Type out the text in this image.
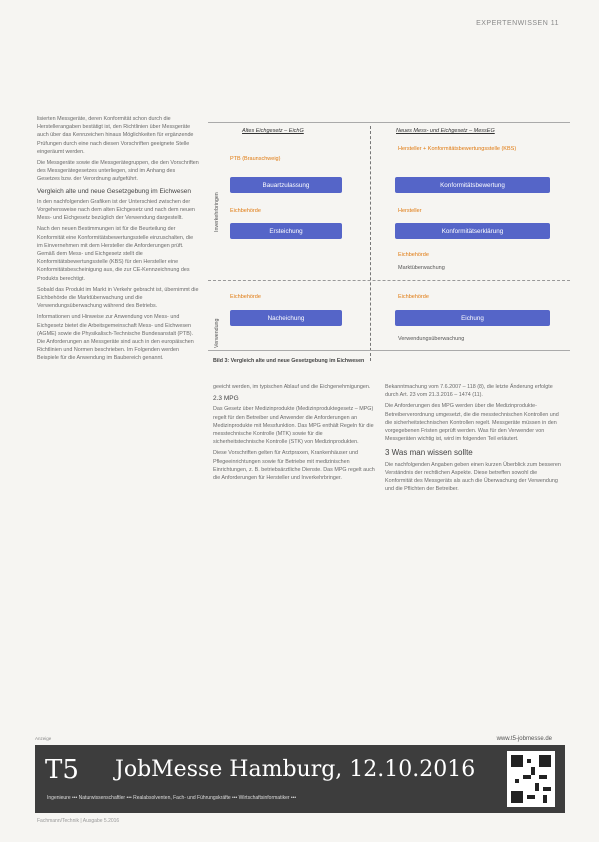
EXPERTENWISSEN 11

lisierten Messgeräte, deren Konformität schon durch die Herstellerangaben bestätigt ist, den Richtlinien über Messgeräte auch über das Kennzeichen hinaus Möglichkeiten für ergänzende Prüfungen durch eine nach diesen Vorschriften geeignete Stelle eingeräumt werden.

Die Messgeräte sowie die Messgerätegruppen, die den Vorschriften des Messgerätegesetzes unterliegen, sind im Anhang des Gesetzes bzw. der Verordnung aufgeführt.

Vergleich alte und neue Gesetzgebung im Eichwesen

In den nachfolgenden Grafiken ist der Unterschied zwischen der Vorgehensweise nach dem alten Eichgesetz und nach dem neuen Mess- und Eichgesetz bezüglich der Verwendung dargestellt.

Nach den neuen Bestimmungen ist für die Beurteilung der Konformität eine Konformitätsbewertungsstelle einzuschalten, die im Einvernehmen mit dem Hersteller die Anforderungen prüft. Gemäß dem Mess- und Eichgesetz stellt die Konformitätsbewertungsstelle (KBS) für den Hersteller eine Konformitätsbescheinigung aus, die zur CE-Kennzeichnung des Produkts berechtigt.

Sobald das Produkt im Markt in Verkehr gebracht ist, übernimmt die Eichbehörde die Marktüberwachung und die Verwendungsüberwachung während des Betriebs.

Informationen und Hinweise zur Anwendung von Mess- und Eichgesetz bietet die Arbeitsgemeinschaft Mess- und Eichwesen (AGME) sowie die Physikalisch-Technische Bundesanstalt (PTB). Die Anforderungen an Messgeräte sind auch in den europäischen Richtlinien und Normen beschrieben. Im Folgenden werden Beispiele für die Anwendung im Baubereich genannt.

Altes Eichgesetz – EichG	Neues Mess- und Eichgesetz – MessEG
Inverkehrbringen
Verwendung
PTB (Braunschweig)
Hersteller + Konformitätsbewertungsstelle (KBS)
Bauartzulassung	Konformitätsbewertung
Eichbehörde	Hersteller
Ersteichung	Konformitätserklärung
Eichbehörde
Marktüberwachung
Eichbehörde	Eichbehörde
Nacheichung	Eichung
Verwendungsüberwachung
Bild 3: Vergleich alte und neue Gesetzgebung im Eichwesen

geeicht werden, im typischen Ablauf und die Eichgenehmigungen.

2.3 MPG

Das Gesetz über Medizinprodukte (Medizinproduktegesetz – MPG) regelt für den Betreiber und Anwender die Anforderungen an Medizinprodukte mit Messfunktion. Das MPG enthält Regeln für die messtechnische Kontrolle (MTK) sowie für die sicherheitstechnische Kontrolle (STK) von Medizinprodukten.

Diese Vorschriften gelten für Arztpraxen, Krankenhäuser und Pflegeeinrichtungen sowie für Betriebe mit medizinischen Einrichtungen, z. B. betriebsärztliche Dienste. Das MPG regelt auch die Anforderungen für Hersteller und Inverkehrbringer.

Bekanntmachung vom 7.6.2007 – 118 (8), die letzte Änderung erfolgte durch Art. 23 vom 21.3.2016 – 1474 (11).

Die Anforderungen des MPG werden über die Medizinprodukte-Betreiberverordnung umgesetzt, die die messtechnischen Kontrollen und die sicherheitstechnischen Kontrollen regelt. Messgeräte müssen in den vorgegebenen Fristen geprüft werden. Was für den Verwender von Messgeräten wichtig ist, wird im folgenden Teil erläutert.

3 Was man wissen sollte

Die nachfolgenden Angaben geben einen kurzen Überblick zum besseren Verständnis der rechtlichen Aspekte. Diese betreffen sowohl die Konformität des Messgeräts als auch die Überwachung der Verwendung und die Pflichten der Betreiber.

Anzeige	www.t5-jobmesse.de
T5 JobMesse Hamburg, 12.10.2016
Ingenieure ••• Naturwissenschaftler ••• Realabsolventen, Fach- und Führungskräfte ••• Wirtschaftsinformatiker •••
Fachmann/Technik | Ausgabe 5.2016
